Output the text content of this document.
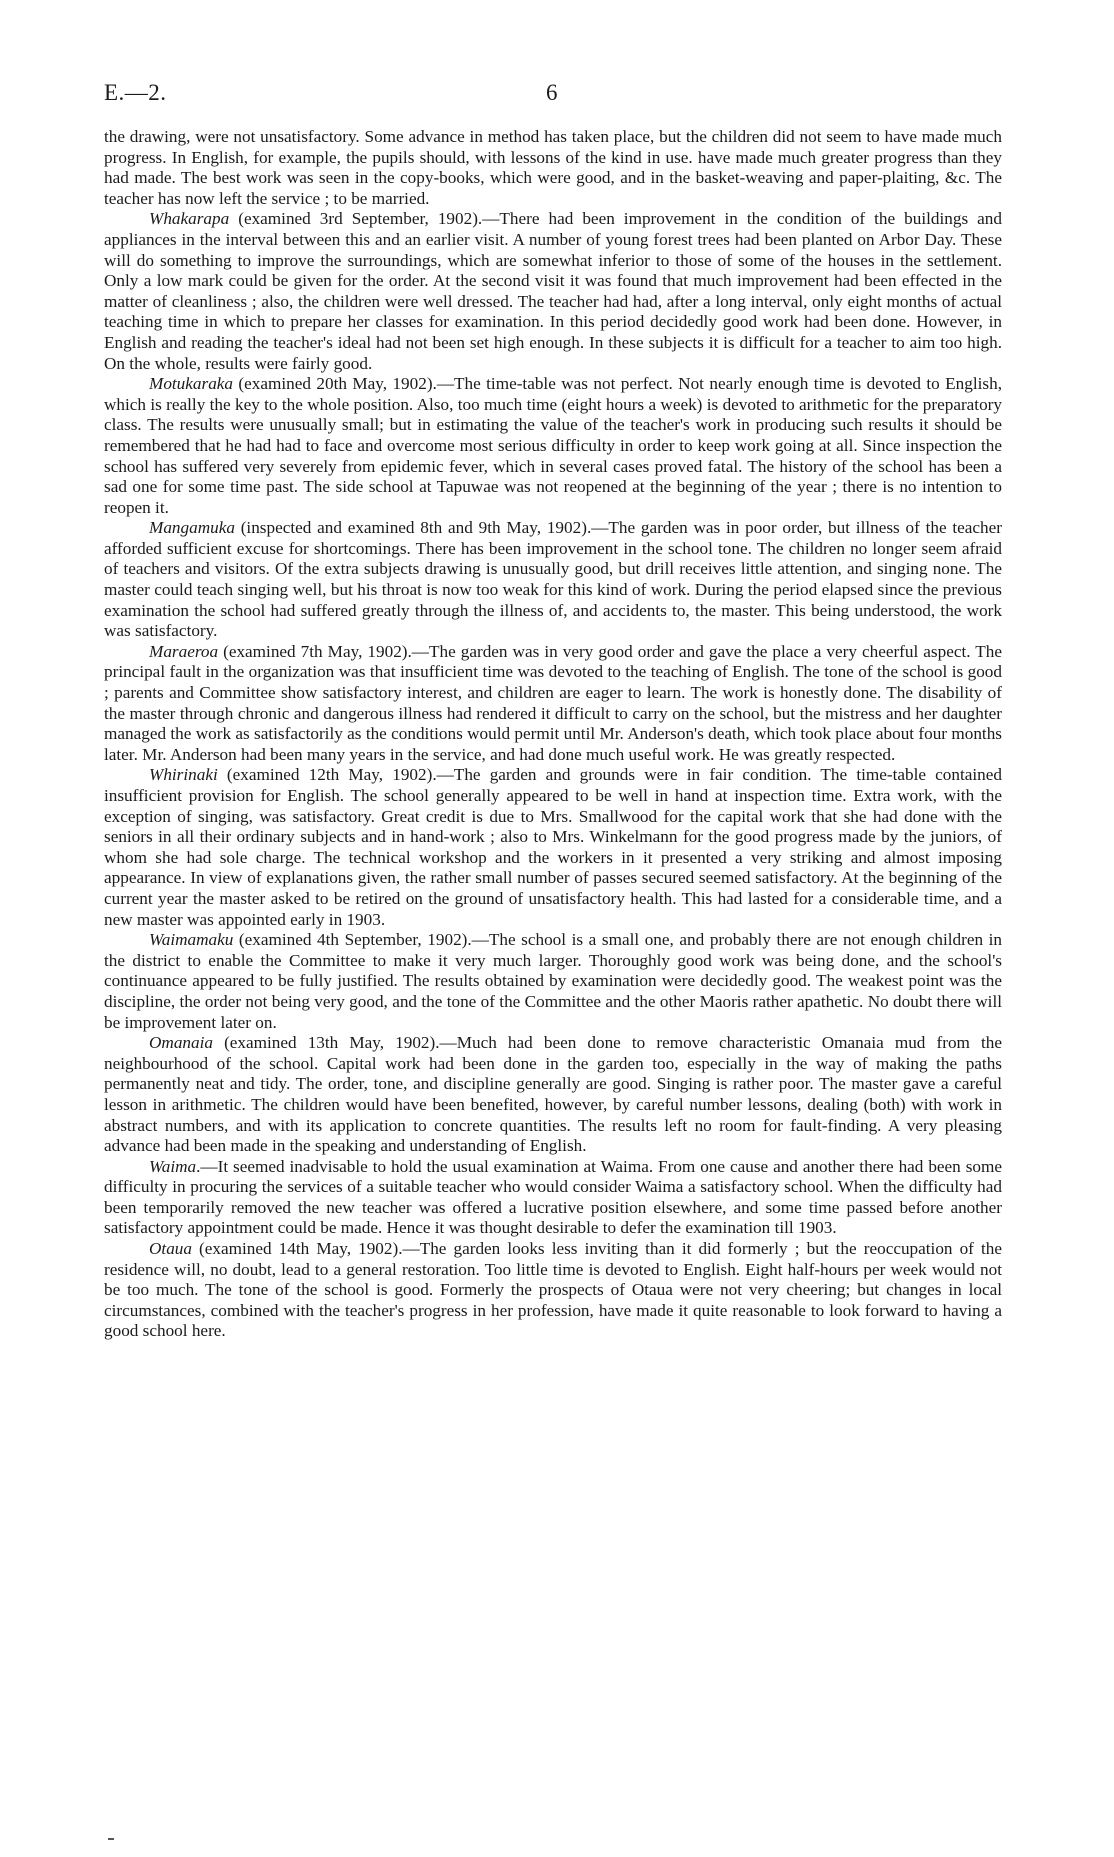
E.—2.	6

the drawing, were not unsatisfactory. Some advance in method has taken place, but the children did not seem to have made much progress. In English, for example, the pupils should, with lessons of the kind in use. have made much greater progress than they had made. The best work was seen in the copy-books, which were good, and in the basket-weaving and paper-plaiting, &c. The teacher has now left the service ; to be married.

Whakarapa (examined 3rd September, 1902).—There had been improvement in the condition of the buildings and appliances in the interval between this and an earlier visit. A number of young forest trees had been planted on Arbor Day. These will do something to improve the surroundings, which are somewhat inferior to those of some of the houses in the settlement. Only a low mark could be given for the order. At the second visit it was found that much improvement had been effected in the matter of cleanliness ; also, the children were well dressed. The teacher had had, after a long interval, only eight months of actual teaching time in which to prepare her classes for examination. In this period decidedly good work had been done. However, in English and reading the teacher's ideal had not been set high enough. In these subjects it is difficult for a teacher to aim too high. On the whole, results were fairly good.

Motukaraka (examined 20th May, 1902).—The time-table was not perfect. Not nearly enough time is devoted to English, which is really the key to the whole position. Also, too much time (eight hours a week) is devoted to arithmetic for the preparatory class. The results were unusually small; but in estimating the value of the teacher's work in producing such results it should be remembered that he had had to face and overcome most serious difficulty in order to keep work going at all. Since inspection the school has suffered very severely from epidemic fever, which in several cases proved fatal. The history of the school has been a sad one for some time past. The side school at Tapuwae was not reopened at the beginning of the year ; there is no intention to reopen it.

Mangamuka (inspected and examined 8th and 9th May, 1902).—The garden was in poor order, but illness of the teacher afforded sufficient excuse for shortcomings. There has been improvement in the school tone. The children no longer seem afraid of teachers and visitors. Of the extra subjects drawing is unusually good, but drill receives little attention, and singing none. The master could teach singing well, but his throat is now too weak for this kind of work. During the period elapsed since the previous examination the school had suffered greatly through the illness of, and accidents to, the master. This being understood, the work was satisfactory.

Maraeroa (examined 7th May, 1902).—The garden was in very good order and gave the place a very cheerful aspect. The principal fault in the organization was that insufficient time was devoted to the teaching of English. The tone of the school is good ; parents and Committee show satisfactory interest, and children are eager to learn. The work is honestly done. The disability of the master through chronic and dangerous illness had rendered it difficult to carry on the school, but the mistress and her daughter managed the work as satisfactorily as the conditions would permit until Mr. Anderson's death, which took place about four months later. Mr. Anderson had been many years in the service, and had done much useful work. He was greatly respected.

Whirinaki (examined 12th May, 1902).—The garden and grounds were in fair condition. The time-table contained insufficient provision for English. The school generally appeared to be well in hand at inspection time. Extra work, with the exception of singing, was satisfactory. Great credit is due to Mrs. Smallwood for the capital work that she had done with the seniors in all their ordinary subjects and in hand-work ; also to Mrs. Winkelmann for the good progress made by the juniors, of whom she had sole charge. The technical workshop and the workers in it presented a very striking and almost imposing appearance. In view of explanations given, the rather small number of passes secured seemed satisfactory. At the beginning of the current year the master asked to be retired on the ground of unsatisfactory health. This had lasted for a considerable time, and a new master was appointed early in 1903.

Waimamaku (examined 4th September, 1902).—The school is a small one, and probably there are not enough children in the district to enable the Committee to make it very much larger. Thoroughly good work was being done, and the school's continuance appeared to be fully justified. The results obtained by examination were decidedly good. The weakest point was the discipline, the order not being very good, and the tone of the Committee and the other Maoris rather apathetic. No doubt there will be improvement later on.

Omanaia (examined 13th May, 1902).—Much had been done to remove characteristic Omanaia mud from the neighbourhood of the school. Capital work had been done in the garden too, especially in the way of making the paths permanently neat and tidy. The order, tone, and discipline generally are good. Singing is rather poor. The master gave a careful lesson in arithmetic. The children would have been benefited, however, by careful number lessons, dealing (both) with work in abstract numbers, and with its application to concrete quantities. The results left no room for fault-finding. A very pleasing advance had been made in the speaking and understanding of English.

Waima.—It seemed inadvisable to hold the usual examination at Waima. From one cause and another there had been some difficulty in procuring the services of a suitable teacher who would consider Waima a satisfactory school. When the difficulty had been temporarily removed the new teacher was offered a lucrative position elsewhere, and some time passed before another satisfactory appointment could be made. Hence it was thought desirable to defer the examination till 1903.

Otaua (examined 14th May, 1902).—The garden looks less inviting than it did formerly ; but the reoccupation of the residence will, no doubt, lead to a general restoration. Too little time is devoted to English. Eight half-hours per week would not be too much. The tone of the school is good. Formerly the prospects of Otaua were not very cheering; but changes in local circumstances, combined with the teacher's progress in her profession, have made it quite reasonable to look forward to having a good school here.
